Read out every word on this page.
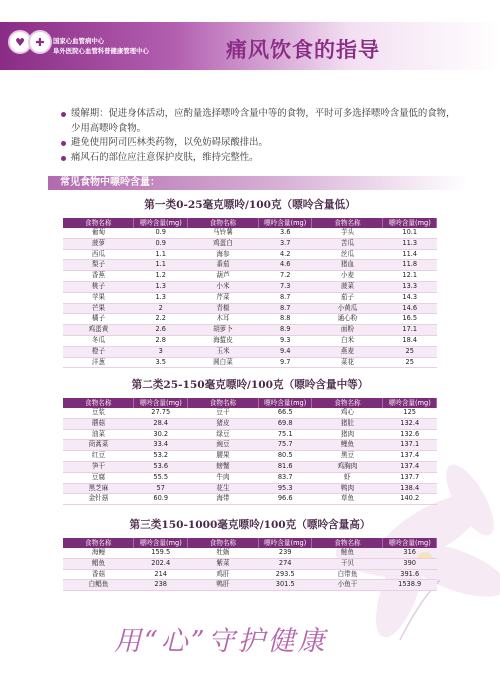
♥ ✚	国家心血管病中心
阜外医院心血管科普健康管理中心	痛风饮食的指导
缓解期：促进身体活动，应酌量选择嘌呤含量中等的食物，平时可多选择嘌呤含量低的食物，少用高嘌呤食物。
避免使用阿司匹林类药物，以免妨碍尿酸排出。
痛风石的部位应注意保护皮肤，维持完整性。
常见食物中嘌呤含量：
第一类0-25毫克嘌呤/100克（嘌呤含量低）
食物名称	嘌呤含量(mg)	食物名称	嘌呤含量(mg)	食物名称	嘌呤含量(mg)
葡萄	0.9	马铃薯	3.6	芋头	10.1
菠萝	0.9	鸡蛋白	3.7	苦瓜	11.3
西瓜	1.1	海参	4.2	丝瓜	11.4
梨子	1.1	番茄	4.6	猪血	11.8
香蕉	1.2	葫芦	7.2	小麦	12.1
桃子	1.3	小米	7.3	菠菜	13.3
苹果	1.3	芹菜	8.7	茄子	14.3
芒果	2	青椒	8.7	小黄瓜	14.6
橘子	2.2	木耳	8.8	通心粉	16.5
鸡蛋黄	2.6	胡萝卜	8.9	面粉	17.1
冬瓜	2.8	海蜇皮	9.3	白米	18.4
橙子	3	玉米	9.4	燕麦	25
洋葱	3.5	圆白菜	9.7	菜花	25
第二类25-150毫克嘌呤/100克（嘌呤含量中等）
食物名称	嘌呤含量(mg)	食物名称	嘌呤含量(mg)	食物名称	嘌呤含量(mg)
豆浆	27.75	豆干	66.5	鸡心	125
蘑菇	28.4	猪皮	69.8	猪肚	132.4
油菜	30.2	绿豆	75.1	猪肉	132.6
茼蒿菜	33.4	豌豆	75.7	鲤鱼	137.1
红豆	53.2	腰果	80.5	黑豆	137.4
笋干	53.6	螃蟹	81.6	鸡胸肉	137.4
豆腐	55.5	牛肉	83.7	虾	137.7
黑芝麻	57	花生	95.3	鸭肉	138.4
金针菇	60.9	海带	96.6	草鱼	140.2
第三类150-1000毫克嘌呤/100克（嘌呤含量高）
食物名称	嘌呤含量(mg)	食物名称	嘌呤含量(mg)	食物名称	嘌呤含量(mg)
海鳗	159.5	牡蛎	239	鲢鱼	316
鲳鱼	202.4	紫菜	274	干贝	390
香菇	214	鸡肝	293.5	白带鱼	391.6
白鲳鱼	238	鸭肝	301.5	小鱼干	1538.9
用“心”守护健康
